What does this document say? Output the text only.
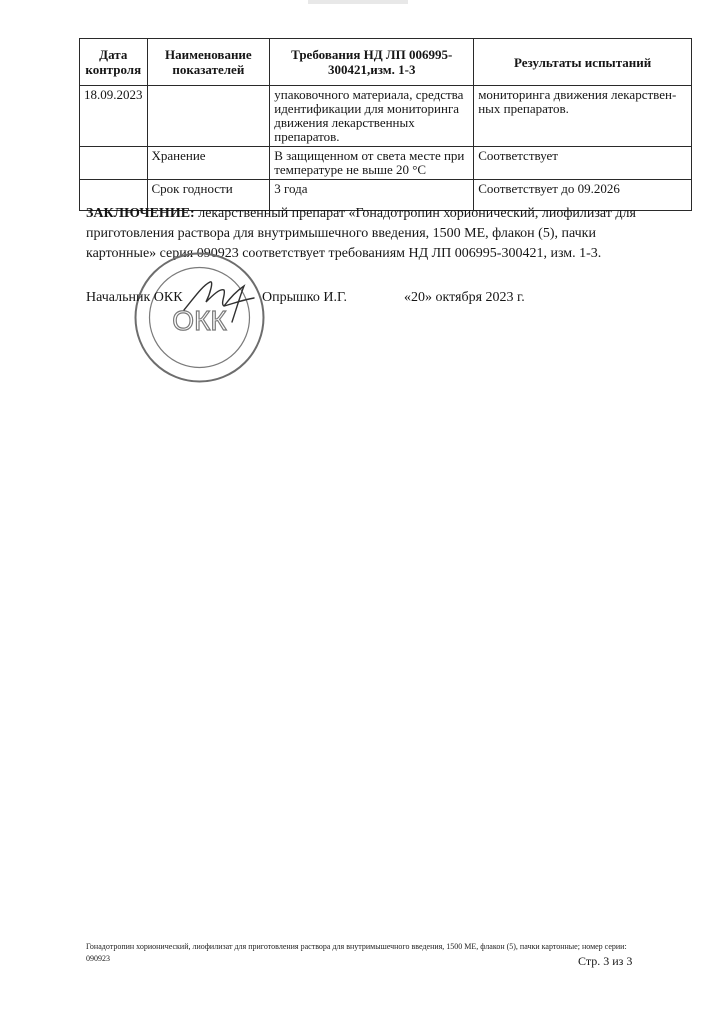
Дата контроля	Наименование показателей	Требования НД ЛП 006995-300421,изм. 1-3	Результаты испытаний
18.09.2023		упаковочного материала, средства идентификации для мониторинга движения лекарственных препаратов.	мониторинга движения лекарствен-ных препаратов.
	Хранение	В защищенном от света месте при температуре не выше 20 °С	Соответствует
	Срок годности	3 года	Соответствует до 09.2026
ЗАКЛЮЧЕНИЕ: лекарственный препарат «Гонадотропин хорионический, лиофилизат для приготовления раствора для внутримышечного введения, 1500 МЕ, флакон (5), пачки картонные» серия 090923 соответствует требованиям НД ЛП 006995-300421, изм. 1-3.
ОКК
Начальник ОКК	Опрышко И.Г.	«20» октября 2023 г.
Гонадотропин хорионический, лиофилизат для приготовления раствора для внутримышечного введения, 1500 МЕ, флакон (5), пачки картонные; номер серии: 090923	Стр. 3 из 3
